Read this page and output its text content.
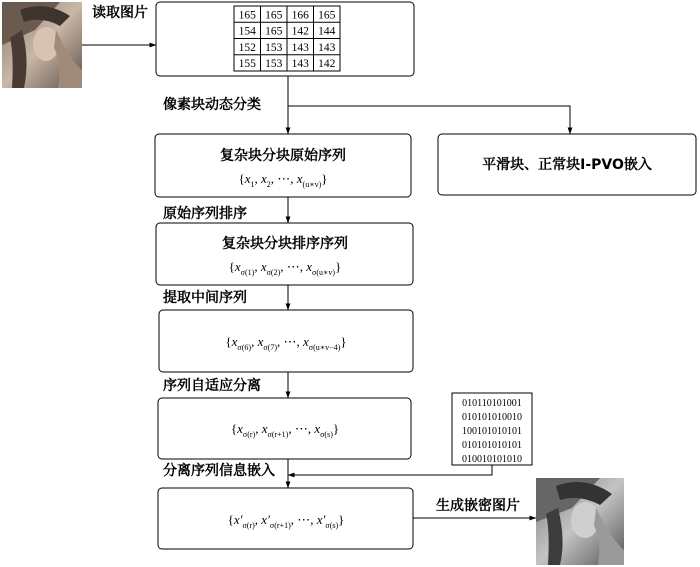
读取图片	165 165 166 165
154 165 142 144
152 153 143 143
155 153 143 142
像素块动态分类
复杂块分块原始序列
{$x_1$, $x_2$, ⋯, $x_{(u∗v)}$}
平滑块、正常块I-PVO嵌入
原始序列排序
复杂块分块排序序列
{$x_{\sigma(1)}$, $x_{\sigma(2)}$, ⋯, $x_{\sigma(u∗v)}$}
提取中间序列
{$x_{\sigma(6)}$, $x_{\sigma(7)}$, ⋯, $x_{\sigma(u∗v-4)}$}
序列自适应分离
{$x_{\sigma(r)}$, $x_{\sigma(r+1)}$, ⋯, $x_{\sigma(s)}$}
010110101001
010101010010
100101010101
010101010101
010010101010
分离序列信息嵌入
{$x'_{\sigma(r)}$, $x'_{\sigma(r+1)}$, ⋯, $x'_{\sigma(s)}$}
生成嵌密图片
